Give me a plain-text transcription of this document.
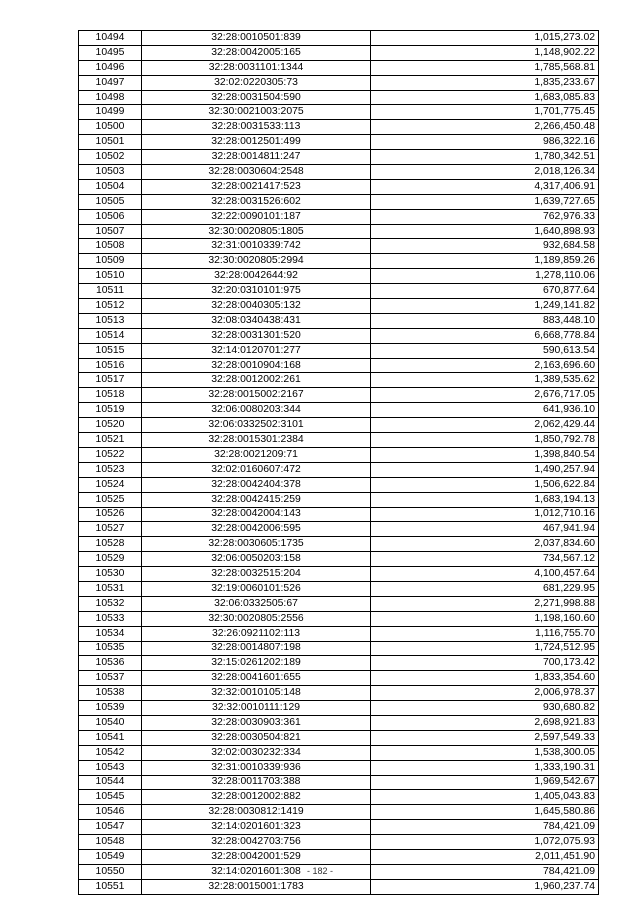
10494	32:28:0010501:839	1,015,273.02
10495	32:28:0042005:165	1,148,902.22
10496	32:28:0031101:1344	1,785,568.81
10497	32:02:0220305:73	1,835,233.67
10498	32:28:0031504:590	1,683,085.83
10499	32:30:0021003:2075	1,701,775.45
10500	32:28:0031533:113	2,266,450.48
10501	32:28:0012501:499	986,322.16
10502	32:28:0014811:247	1,780,342.51
10503	32:28:0030604:2548	2,018,126.34
10504	32:28:0021417:523	4,317,406.91
10505	32:28:0031526:602	1,639,727.65
10506	32:22:0090101:187	762,976.33
10507	32:30:0020805:1805	1,640,898.93
10508	32:31:0010339:742	932,684.58
10509	32:30:0020805:2994	1,189,859.26
10510	32:28:0042644:92	1,278,110.06
10511	32:20:0310101:975	670,877.64
10512	32:28:0040305:132	1,249,141.82
10513	32:08:0340438:431	883,448.10
10514	32:28:0031301:520	6,668,778.84
10515	32:14:0120701:277	590,613.54
10516	32:28:0010904:168	2,163,696.60
10517	32:28:0012002:261	1,389,535.62
10518	32:28:0015002:2167	2,676,717.05
10519	32:06:0080203:344	641,936.10
10520	32:06:0332502:3101	2,062,429.44
10521	32:28:0015301:2384	1,850,792.78
10522	32:28:0021209:71	1,398,840.54
10523	32:02:0160607:472	1,490,257.94
10524	32:28:0042404:378	1,506,622.84
10525	32:28:0042415:259	1,683,194.13
10526	32:28:0042004:143	1,012,710.16
10527	32:28:0042006:595	467,941.94
10528	32:28:0030605:1735	2,037,834.60
10529	32:06:0050203:158	734,567.12
10530	32:28:0032515:204	4,100,457.64
10531	32:19:0060101:526	681,229.95
10532	32:06:0332505:67	2,271,998.88
10533	32:30:0020805:2556	1,198,160.60
10534	32:26:0921102:113	1,116,755.70
10535	32:28:0014807:198	1,724,512.95
10536	32:15:0261202:189	700,173.42
10537	32:28:0041601:655	1,833,354.60
10538	32:32:0010105:148	2,006,978.37
10539	32:32:0010111:129	930,680.82
10540	32:28:0030903:361	2,698,921.83
10541	32:28:0030504:821	2,597,549.33
10542	32:02:0030232:334	1,538,300.05
10543	32:31:0010339:936	1,333,190.31
10544	32:28:0011703:388	1,969,542.67
10545	32:28:0012002:882	1,405,043.83
10546	32:28:0030812:1419	1,645,580.86
10547	32:14:0201601:323	784,421.09
10548	32:28:0042703:756	1,072,075.93
10549	32:28:0042001:529	2,011,451.90
10550	32:14:0201601:308	784,421.09
10551	32:28:0015001:1783	1,960,237.74
- 182 -
